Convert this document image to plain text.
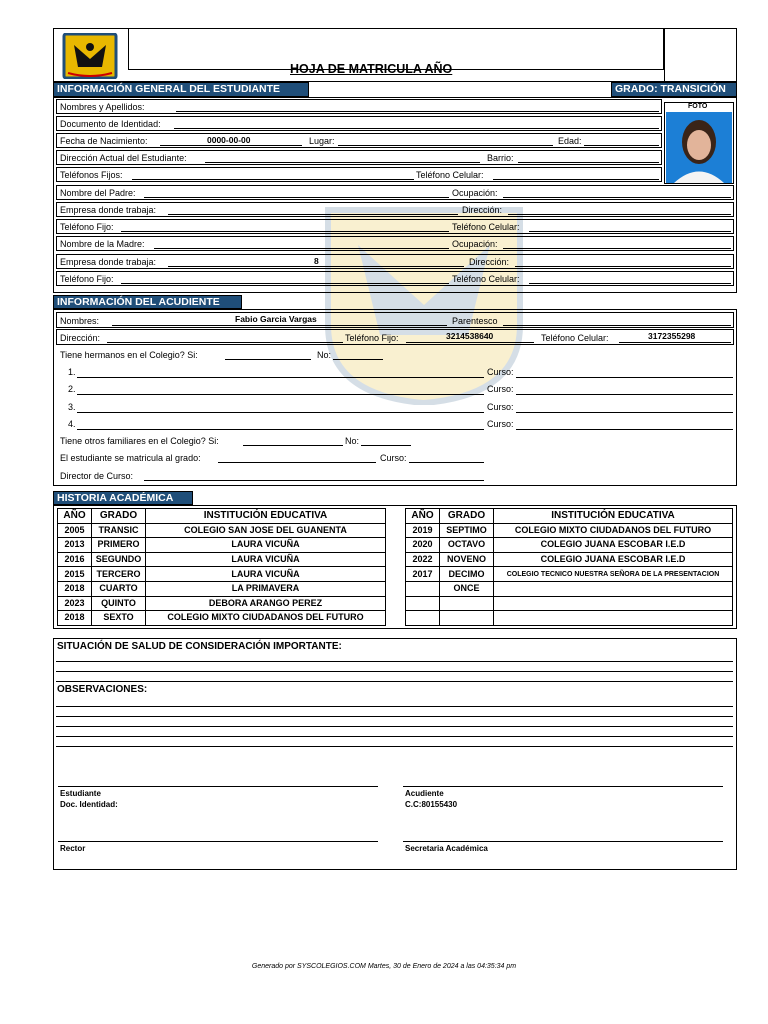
HOJA DE MATRICULA AÑO
INFORMACIÓN GENERAL DEL ESTUDIANTE	GRADO: TRANSICIÓN
FOTO
Nombres y Apellidos:
Documento de Identidad:
Fecha de Nacimiento:	0000-00-00	Lugar:	Edad:
Dirección Actual del Estudiante:	Barrio:
Teléfonos Fijos:	Teléfono Celular:
Nombre del Padre:	Ocupación:
Empresa donde trabaja:	Dirección:
Teléfono Fijo:	Teléfono Celular:
Nombre de la Madre:	Ocupación:
Empresa donde trabaja:	8	Dirección:
Teléfono Fijo:	Teléfono Celular:
INFORMACIÓN DEL ACUDIENTE
Nombres:	Fabio Garcia Vargas	Parentesco
Dirección:	Teléfono Fijo:	3214538640	Teléfono Celular:	3172355298
Tiene hermanos en el Colegio? Si:	No:
1.	Curso:
2.	Curso:
3.	Curso:
4.	Curso:
Tiene otros familiares en el Colegio? Si:	No:
El estudiante se matricula al grado:	Curso:
Director de Curso:
HISTORIA ACADÉMICA
AÑO	GRADO	INSTITUCIÓN EDUCATIVA
2005	TRANSIC	COLEGIO SAN JOSE DEL GUANENTA
2013	PRIMERO	LAURA VICUÑA
2016	SEGUNDO	LAURA VICUÑA
2015	TERCERO	LAURA VICUÑA
2018	CUARTO	LA PRIMAVERA
2023	QUINTO	DEBORA ARANGO PEREZ
2018	SEXTO	COLEGIO MIXTO CIUDADANOS DEL FUTURO
AÑO	GRADO	INSTITUCIÓN EDUCATIVA
2019	SEPTIMO	COLEGIO MIXTO CIUDADANOS DEL FUTURO
2020	OCTAVO	COLEGIO JUANA ESCOBAR I.E.D
2022	NOVENO	COLEGIO JUANA ESCOBAR I.E.D
2017	DECIMO	COLEGIO TECNICO NUESTRA SEÑORA DE LA PRESENTACION
	ONCE	

SITUACIÓN DE SALUD DE CONSIDERACIÓN IMPORTANTE:
OBSERVACIONES:
Estudiante
Doc. Identidad:
Acudiente
C.C:80155430
Rector	Secretaria Académica
Generado por SYSCOLEGIOS.COM Martes, 30 de Enero de 2024 a las 04:35:34 pm
